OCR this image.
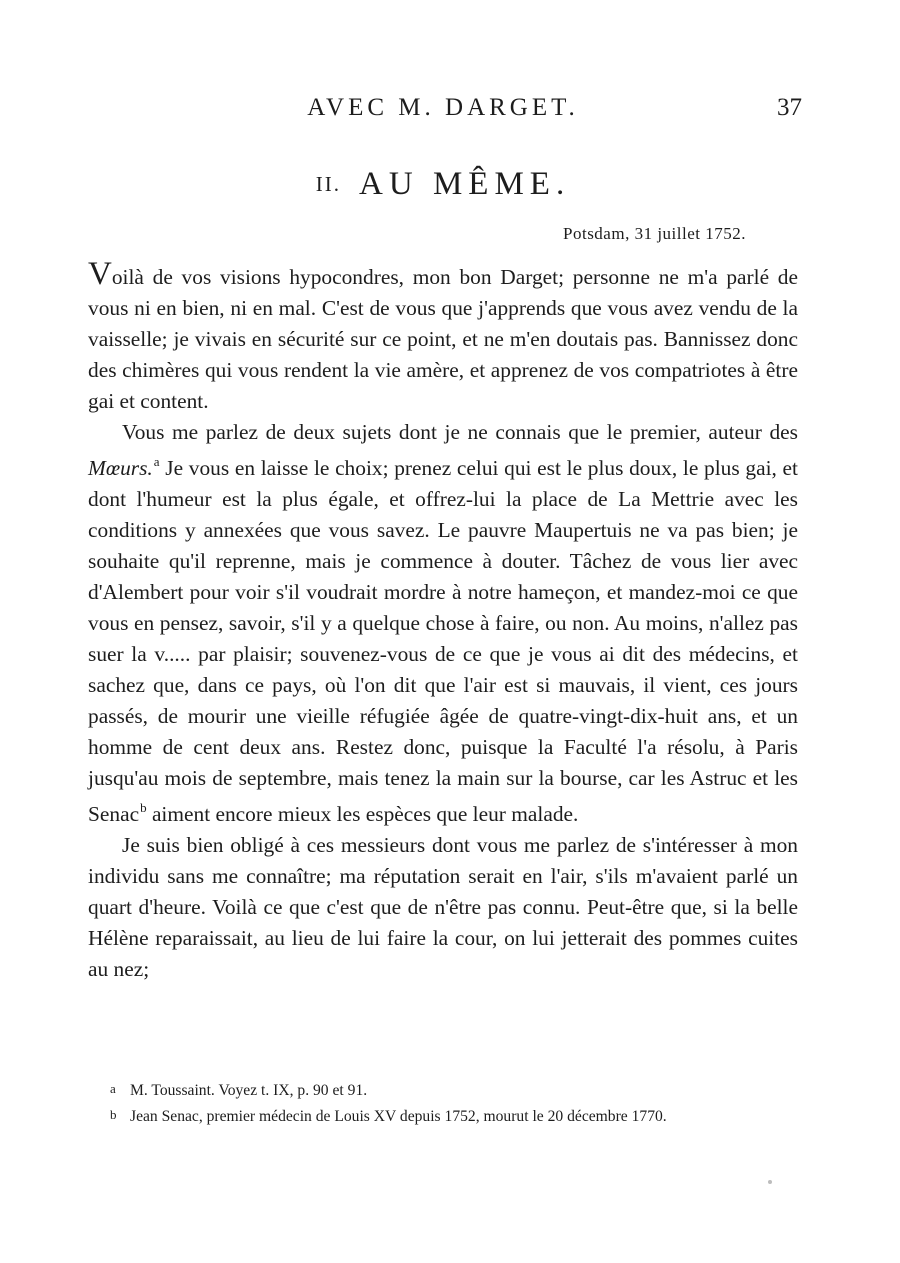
AVEC M. DARGET.	37
II. AU MÊME.
Potsdam, 31 juillet 1752.

Voilà de vos visions hypocondres, mon bon Darget; personne ne m'a parlé de vous ni en bien, ni en mal. C'est de vous que j'apprends que vous avez vendu de la vaisselle; je vivais en sécurité sur ce point, et ne m'en doutais pas. Bannissez donc des chimères qui vous rendent la vie amère, et apprenez de vos compatriotes à être gai et content.

Vous me parlez de deux sujets dont je ne connais que le premier, auteur des Mœurs.$^a$ Je vous en laisse le choix; prenez celui qui est le plus doux, le plus gai, et dont l'humeur est la plus égale, et offrez-lui la place de La Mettrie avec les conditions y annexées que vous savez. Le pauvre Maupertuis ne va pas bien; je souhaite qu'il reprenne, mais je commence à douter. Tâchez de vous lier avec d'Alembert pour voir s'il voudrait mordre à notre hameçon, et mandez-moi ce que vous en pensez, savoir, s'il y a quelque chose à faire, ou non. Au moins, n'allez pas suer la v..... par plaisir; souvenez-vous de ce que je vous ai dit des médecins, et sachez que, dans ce pays, où l'on dit que l'air est si mauvais, il vient, ces jours passés, de mourir une vieille réfugiée âgée de quatre-vingt-dix-huit ans, et un homme de cent deux ans. Restez donc, puisque la Faculté l'a résolu, à Paris jusqu'au mois de septembre, mais tenez la main sur la bourse, car les Astruc et les Senac$^b$ aiment encore mieux les espèces que leur malade.

Je suis bien obligé à ces messieurs dont vous me parlez de s'intéresser à mon individu sans me connaître; ma réputation serait en l'air, s'ils m'avaient parlé un quart d'heure. Voilà ce que c'est que de n'être pas connu. Peut-être que, si la belle Hélène reparaissait, au lieu de lui faire la cour, on lui jetterait des pommes cuites au nez;

a M. Toussaint. Voyez t. IX, p. 90 et 91.
b Jean Senac, premier médecin de Louis XV depuis 1752, mourut le 20 décembre 1770.
